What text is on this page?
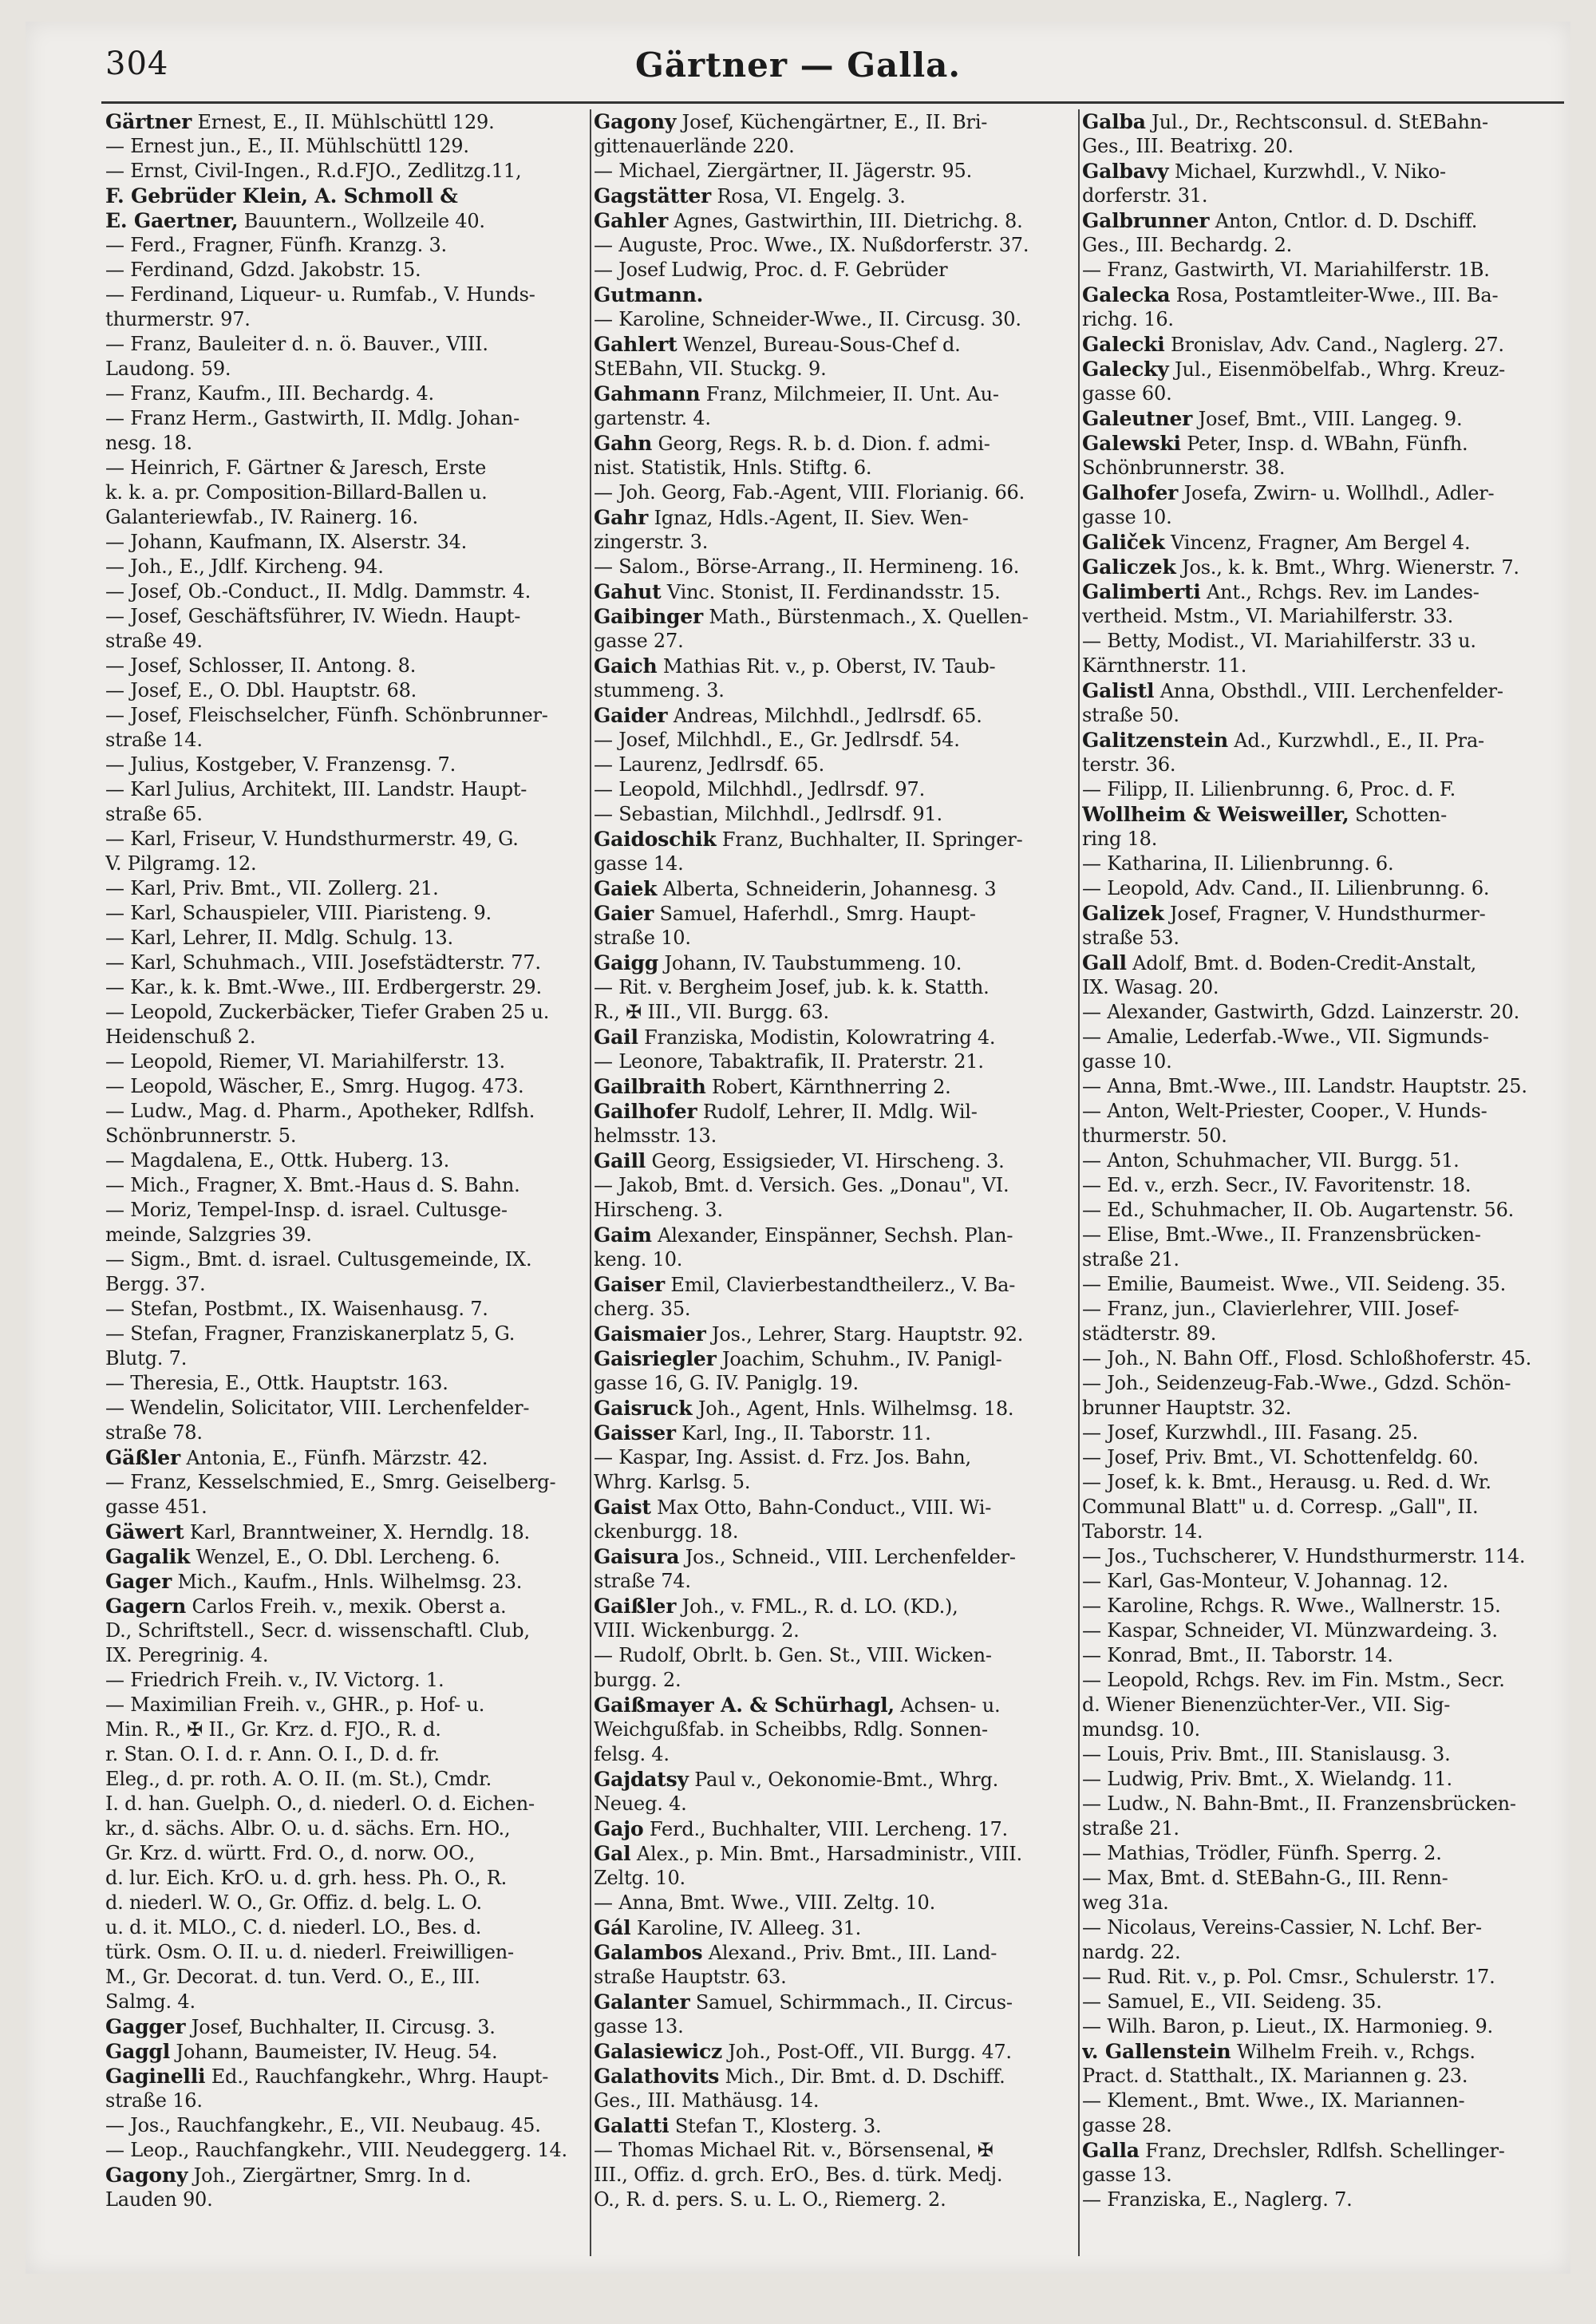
304	Gärtner — Galla.
Gärtner Ernest, E., II. Mühlschüttl 129.
— Ernest jun., E., II. Mühlschüttl 129.
— Ernst, Civil-Ingen., R.d.FJO., Zedlitzg.11,
F. Gebrüder Klein, A. Schmoll &
E. Gaertner, Bauuntern., Wollzeile 40.
— Ferd., Fragner, Fünfh. Kranzg. 3.
— Ferdinand, Gdzd. Jakobstr. 15.
— Ferdinand, Liqueur- u. Rumfab., V. Hunds-
thurmerstr. 97.
— Franz, Bauleiter d. n. ö. Bauver., VIII.
Laudong. 59.
— Franz, Kaufm., III. Bechardg. 4.
— Franz Herm., Gastwirth, II. Mdlg. Johan-
nesg. 18.
— Heinrich, F. Gärtner & Jaresch, Erste
k. k. a. pr. Composition-Billard-Ballen u.
Galanteriewfab., IV. Rainerg. 16.
— Johann, Kaufmann, IX. Alserstr. 34.
— Joh., E., Jdlf. Kircheng. 94.
— Josef, Ob.-Conduct., II. Mdlg. Dammstr. 4.
— Josef, Geschäftsführer, IV. Wiedn. Haupt-
straße 49.
— Josef, Schlosser, II. Antong. 8.
— Josef, E., O. Dbl. Hauptstr. 68.
— Josef, Fleischselcher, Fünfh. Schönbrunner-
straße 14.
— Julius, Kostgeber, V. Franzensg. 7.
— Karl Julius, Architekt, III. Landstr. Haupt-
straße 65.
— Karl, Friseur, V. Hundsthurmerstr. 49, G.
V. Pilgramg. 12.
— Karl, Priv. Bmt., VII. Zollerg. 21.
— Karl, Schauspieler, VIII. Piaristeng. 9.
— Karl, Lehrer, II. Mdlg. Schulg. 13.
— Karl, Schuhmach., VIII. Josefstädterstr. 77.
— Kar., k. k. Bmt.-Wwe., III. Erdbergerstr. 29.
— Leopold, Zuckerbäcker, Tiefer Graben 25 u.
Heidenschuß 2.
— Leopold, Riemer, VI. Mariahilferstr. 13.
— Leopold, Wäscher, E., Smrg. Hugog. 473.
— Ludw., Mag. d. Pharm., Apotheker, Rdlfsh.
Schönbrunnerstr. 5.
— Magdalena, E., Ottk. Huberg. 13.
— Mich., Fragner, X. Bmt.-Haus d. S. Bahn.
— Moriz, Tempel-Insp. d. israel. Cultusge-
meinde, Salzgries 39.
— Sigm., Bmt. d. israel. Cultusgemeinde, IX.
Bergg. 37.
— Stefan, Postbmt., IX. Waisenhausg. 7.
— Stefan, Fragner, Franziskanerplatz 5, G.
Blutg. 7.
— Theresia, E., Ottk. Hauptstr. 163.
— Wendelin, Solicitator, VIII. Lerchenfelder-
straße 78.
Gäßler Antonia, E., Fünfh. Märzstr. 42.
— Franz, Kesselschmied, E., Smrg. Geiselberg-
gasse 451.
Gäwert Karl, Branntweiner, X. Herndlg. 18.
Gagalik Wenzel, E., O. Dbl. Lercheng. 6.
Gager Mich., Kaufm., Hnls. Wilhelmsg. 23.
Gagern Carlos Freih. v., mexik. Oberst a.
D., Schriftstell., Secr. d. wissenschaftl. Club,
IX. Peregrinig. 4.
— Friedrich Freih. v., IV. Victorg. 1.
— Maximilian Freih. v., GHR., p. Hof- u.
Min. R., ✠ II., Gr. Krz. d. FJO., R. d.
r. Stan. O. I. d. r. Ann. O. I., D. d. fr.
Eleg., d. pr. roth. A. O. II. (m. St.), Cmdr.
I. d. han. Guelph. O., d. niederl. O. d. Eichen-
kr., d. sächs. Albr. O. u. d. sächs. Ern. HO.,
Gr. Krz. d. württ. Frd. O., d. norw. OO.,
d. lur. Eich. KrO. u. d. grh. hess. Ph. O., R.
d. niederl. W. O., Gr. Offiz. d. belg. L. O.
u. d. it. MLO., C. d. niederl. LO., Bes. d.
türk. Osm. O. II. u. d. niederl. Freiwilligen-
M., Gr. Decorat. d. tun. Verd. O., E., III.
Salmg. 4.
Gagger Josef, Buchhalter, II. Circusg. 3.
Gaggl Johann, Baumeister, IV. Heug. 54.
Gaginelli Ed., Rauchfangkehr., Whrg. Haupt-
straße 16.
— Jos., Rauchfangkehr., E., VII. Neubaug. 45.
— Leop., Rauchfangkehr., VIII. Neudeggerg. 14.
Gagony Joh., Ziergärtner, Smrg. In d.
Lauden 90.
Gagony Josef, Küchengärtner, E., II. Bri-
gittenauerlände 220.
— Michael, Ziergärtner, II. Jägerstr. 95.
Gagstätter Rosa, VI. Engelg. 3.
Gahler Agnes, Gastwirthin, III. Dietrichg. 8.
— Auguste, Proc. Wwe., IX. Nußdorferstr. 37.
— Josef Ludwig, Proc. d. F. Gebrüder
Gutmann.
— Karoline, Schneider-Wwe., II. Circusg. 30.
Gahlert Wenzel, Bureau-Sous-Chef d.
StEBahn, VII. Stuckg. 9.
Gahmann Franz, Milchmeier, II. Unt. Au-
gartenstr. 4.
Gahn Georg, Regs. R. b. d. Dion. f. admi-
nist. Statistik, Hnls. Stiftg. 6.
— Joh. Georg, Fab.-Agent, VIII. Florianig. 66.
Gahr Ignaz, Hdls.-Agent, II. Siev. Wen-
zingerstr. 3.
— Salom., Börse-Arrang., II. Hermineng. 16.
Gahut Vinc. Stonist, II. Ferdinandsstr. 15.
Gaibinger Math., Bürstenmach., X. Quellen-
gasse 27.
Gaich Mathias Rit. v., p. Oberst, IV. Taub-
stummeng. 3.
Gaider Andreas, Milchhdl., Jedlrsdf. 65.
— Josef, Milchhdl., E., Gr. Jedlrsdf. 54.
— Laurenz, Jedlrsdf. 65.
— Leopold, Milchhdl., Jedlrsdf. 97.
— Sebastian, Milchhdl., Jedlrsdf. 91.
Gaidoschik Franz, Buchhalter, II. Springer-
gasse 14.
Gaiek Alberta, Schneiderin, Johannesg. 3
Gaier Samuel, Haferhdl., Smrg. Haupt-
straße 10.
Gaigg Johann, IV. Taubstummeng. 10.
— Rit. v. Bergheim Josef, jub. k. k. Statth.
R., ✠ III., VII. Burgg. 63.
Gail Franziska, Modistin, Kolowratring 4.
— Leonore, Tabaktrafik, II. Praterstr. 21.
Gailbraith Robert, Kärnthnerring 2.
Gailhofer Rudolf, Lehrer, II. Mdlg. Wil-
helmsstr. 13.
Gaill Georg, Essigsieder, VI. Hirscheng. 3.
— Jakob, Bmt. d. Versich. Ges. „Donau", VI.
Hirscheng. 3.
Gaim Alexander, Einspänner, Sechsh. Plan-
keng. 10.
Gaiser Emil, Clavierbestandtheilerz., V. Ba-
cherg. 35.
Gaismaier Jos., Lehrer, Starg. Hauptstr. 92.
Gaisriegler Joachim, Schuhm., IV. Panigl-
gasse 16, G. IV. Paniglg. 19.
Gaisruck Joh., Agent, Hnls. Wilhelmsg. 18.
Gaisser Karl, Ing., II. Taborstr. 11.
— Kaspar, Ing. Assist. d. Frz. Jos. Bahn,
Whrg. Karlsg. 5.
Gaist Max Otto, Bahn-Conduct., VIII. Wi-
ckenburgg. 18.
Gaisura Jos., Schneid., VIII. Lerchenfelder-
straße 74.
Gaißler Joh., v. FML., R. d. LO. (KD.),
VIII. Wickenburgg. 2.
— Rudolf, Obrlt. b. Gen. St., VIII. Wicken-
burgg. 2.
Gaißmayer A. & Schürhagl, Achsen- u.
Weichgußfab. in Scheibbs, Rdlg. Sonnen-
felsg. 4.
Gajdatsy Paul v., Oekonomie-Bmt., Whrg.
Neueg. 4.
Gajo Ferd., Buchhalter, VIII. Lercheng. 17.
Gal Alex., p. Min. Bmt., Harsadministr., VIII.
Zeltg. 10.
— Anna, Bmt. Wwe., VIII. Zeltg. 10.
Gál Karoline, IV. Alleeg. 31.
Galambos Alexand., Priv. Bmt., III. Land-
straße Hauptstr. 63.
Galanter Samuel, Schirmmach., II. Circus-
gasse 13.
Galasiewicz Joh., Post-Off., VII. Burgg. 47.
Galathovits Mich., Dir. Bmt. d. D. Dschiff.
Ges., III. Mathäusg. 14.
Galatti Stefan T., Klosterg. 3.
— Thomas Michael Rit. v., Börsensenal, ✠
III., Offiz. d. grch. ErO., Bes. d. türk. Medj.
O., R. d. pers. S. u. L. O., Riemerg. 2.
Galba Jul., Dr., Rechtsconsul. d. StEBahn-
Ges., III. Beatrixg. 20.
Galbavy Michael, Kurzwhdl., V. Niko-
dorferstr. 31.
Galbrunner Anton, Cntlor. d. D. Dschiff.
Ges., III. Bechardg. 2.
— Franz, Gastwirth, VI. Mariahilferstr. 1B.
Galecka Rosa, Postamtleiter-Wwe., III. Ba-
richg. 16.
Galecki Bronislav, Adv. Cand., Naglerg. 27.
Galecky Jul., Eisenmöbelfab., Whrg. Kreuz-
gasse 60.
Galeutner Josef, Bmt., VIII. Langeg. 9.
Galewski Peter, Insp. d. WBahn, Fünfh.
Schönbrunnerstr. 38.
Galhofer Josefa, Zwirn- u. Wollhdl., Adler-
gasse 10.
Galiček Vincenz, Fragner, Am Bergel 4.
Galiczek Jos., k. k. Bmt., Whrg. Wienerstr. 7.
Galimberti Ant., Rchgs. Rev. im Landes-
vertheid. Mstm., VI. Mariahilferstr. 33.
— Betty, Modist., VI. Mariahilferstr. 33 u.
Kärnthnerstr. 11.
Galistl Anna, Obsthdl., VIII. Lerchenfelder-
straße 50.
Galitzenstein Ad., Kurzwhdl., E., II. Pra-
terstr. 36.
— Filipp, II. Lilienbrunng. 6, Proc. d. F.
Wollheim & Weisweiller, Schotten-
ring 18.
— Katharina, II. Lilienbrunng. 6.
— Leopold, Adv. Cand., II. Lilienbrunng. 6.
Galizek Josef, Fragner, V. Hundsthurmer-
straße 53.
Gall Adolf, Bmt. d. Boden-Credit-Anstalt,
IX. Wasag. 20.
— Alexander, Gastwirth, Gdzd. Lainzerstr. 20.
— Amalie, Lederfab.-Wwe., VII. Sigmunds-
gasse 10.
— Anna, Bmt.-Wwe., III. Landstr. Hauptstr. 25.
— Anton, Welt-Priester, Cooper., V. Hunds-
thurmerstr. 50.
— Anton, Schuhmacher, VII. Burgg. 51.
— Ed. v., erzh. Secr., IV. Favoritenstr. 18.
— Ed., Schuhmacher, II. Ob. Augartenstr. 56.
— Elise, Bmt.-Wwe., II. Franzensbrücken-
straße 21.
— Emilie, Baumeist. Wwe., VII. Seideng. 35.
— Franz, jun., Clavierlehrer, VIII. Josef-
städterstr. 89.
— Joh., N. Bahn Off., Flosd. Schloßhoferstr. 45.
— Joh., Seidenzeug-Fab.-Wwe., Gdzd. Schön-
brunner Hauptstr. 32.
— Josef, Kurzwhdl., III. Fasang. 25.
— Josef, Priv. Bmt., VI. Schottenfeldg. 60.
— Josef, k. k. Bmt., Herausg. u. Red. d. Wr.
Communal Blatt" u. d. Corresp. „Gall", II.
Taborstr. 14.
— Jos., Tuchscherer, V. Hundsthurmerstr. 114.
— Karl, Gas-Monteur, V. Johannag. 12.
— Karoline, Rchgs. R. Wwe., Wallnerstr. 15.
— Kaspar, Schneider, VI. Münzwardeing. 3.
— Konrad, Bmt., II. Taborstr. 14.
— Leopold, Rchgs. Rev. im Fin. Mstm., Secr.
d. Wiener Bienenzüchter-Ver., VII. Sig-
mundsg. 10.
— Louis, Priv. Bmt., III. Stanislausg. 3.
— Ludwig, Priv. Bmt., X. Wielandg. 11.
— Ludw., N. Bahn-Bmt., II. Franzensbrücken-
straße 21.
— Mathias, Trödler, Fünfh. Sperrg. 2.
— Max, Bmt. d. StEBahn-G., III. Renn-
weg 31a.
— Nicolaus, Vereins-Cassier, N. Lchf. Ber-
nardg. 22.
— Rud. Rit. v., p. Pol. Cmsr., Schulerstr. 17.
— Samuel, E., VII. Seideng. 35.
— Wilh. Baron, p. Lieut., IX. Harmonieg. 9.
v. Gallenstein Wilhelm Freih. v., Rchgs.
Pract. d. Statthalt., IX. Mariannen g. 23.
— Klement., Bmt. Wwe., IX. Mariannen-
gasse 28.
Galla Franz, Drechsler, Rdlfsh. Schellinger-
gasse 13.
— Franziska, E., Naglerg. 7.
